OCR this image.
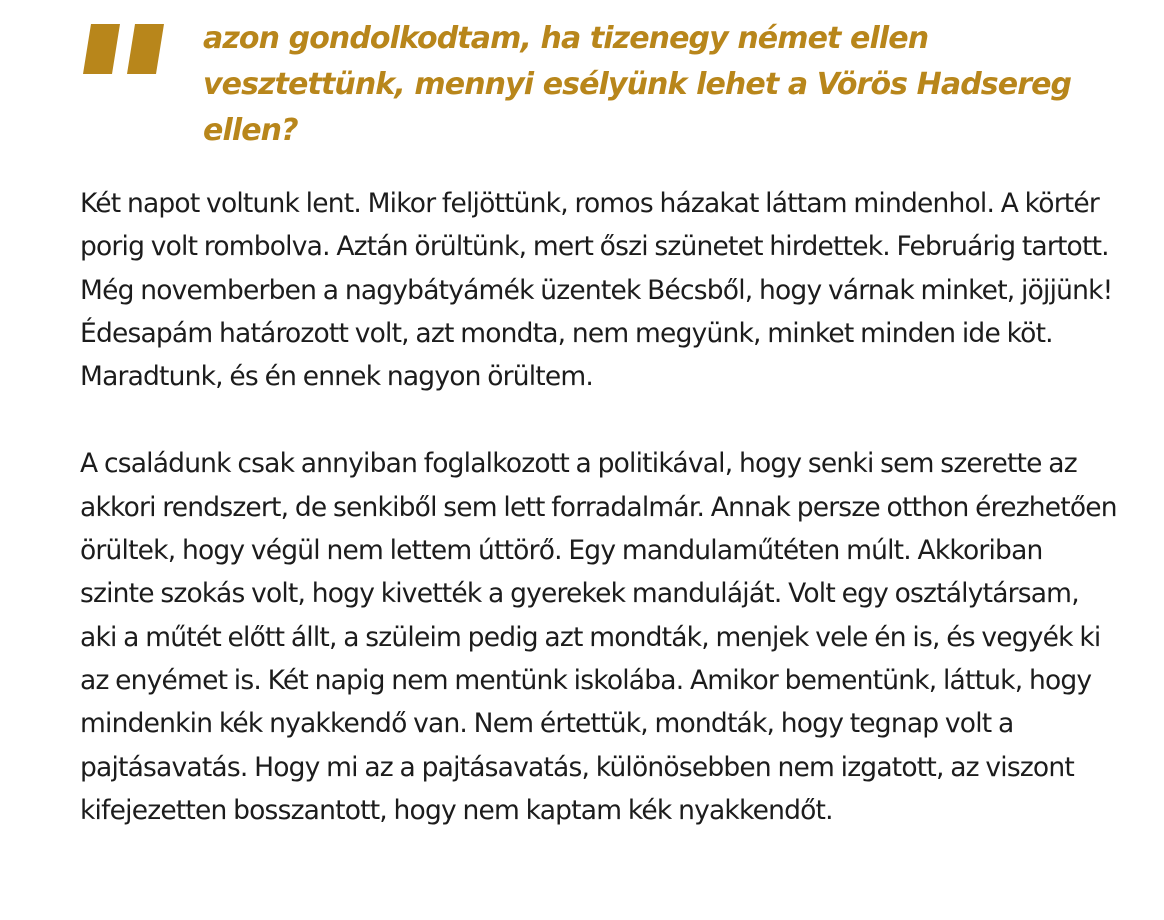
azon gondolkodtam, ha tizenegy német ellen vesztettünk, mennyi esélyünk lehet a Vörös Hadsereg ellen?

Két napot voltunk lent. Mikor feljöttünk, romos házakat láttam mindenhol. A körtér porig volt rombolva. Aztán örültünk, mert őszi szünetet hirdettek. Februárig tartott. Még novemberben a nagybátyámék üzentek Bécsből, hogy várnak minket, jöjjünk! Édesapám határozott volt, azt mondta, nem megyünk, minket minden ide köt. Maradtunk, és én ennek nagyon örültem.

A családunk csak annyiban foglalkozott a politikával, hogy senki sem szerette az akkori rendszert, de senkiből sem lett forradalmár. Annak persze otthon érezhetően örültek, hogy végül nem lettem úttörő. Egy mandulaműtéten múlt. Akkoriban szinte szokás volt, hogy kivették a gyerekek manduláját. Volt egy osztálytársam, aki a műtét előtt állt, a szüleim pedig azt mondták, menjek vele én is, és vegyék ki az enyémet is. Két napig nem mentünk iskolába. Amikor bementünk, láttuk, hogy mindenkin kék nyakkendő van. Nem értettük, mondták, hogy tegnap volt a pajtásavatás. Hogy mi az a pajtásavatás, különösebben nem izgatott, az viszont kifejezetten bosszantott, hogy nem kaptam kék nyakkendőt.
